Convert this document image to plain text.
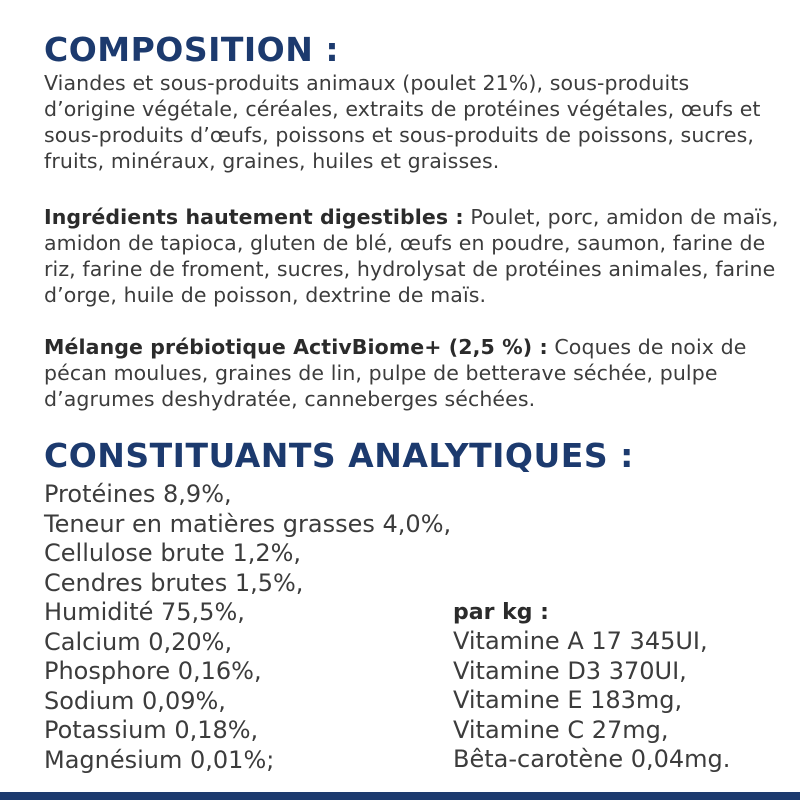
COMPOSITION :

Viandes et sous-produits animaux (poulet 21%), sous-produits d’origine végétale, céréales, extraits de protéines végétales, œufs et sous-produits d’œufs, poissons et sous-produits de poissons, sucres, fruits, minéraux, graines, huiles et graisses.

Ingrédients hautement digestibles : Poulet, porc, amidon de maïs, amidon de tapioca, gluten de blé, œufs en poudre, saumon, farine de riz, farine de froment, sucres, hydrolysat de protéines animales, farine d’orge, huile de poisson, dextrine de maïs.

Mélange prébiotique ActivBiome+ (2,5 %) : Coques de noix de pécan moulues, graines de lin, pulpe de betterave séchée, pulpe d’agrumes deshydratée, canneberges séchées.

CONSTITUANTS ANALYTIQUES :
Protéines 8,9%,
Teneur en matières grasses 4,0%,
Cellulose brute 1,2%,
Cendres brutes 1,5%,
Humidité 75,5%,
Calcium 0,20%,
Phosphore 0,16%,
Sodium 0,09%,
Potassium 0,18%,
Magnésium 0,01%;

par kg :

Vitamine A 17 345UI,
Vitamine D3 370UI,
Vitamine E 183mg,
Vitamine C 27mg,
Bêta-carotène 0,04mg.
